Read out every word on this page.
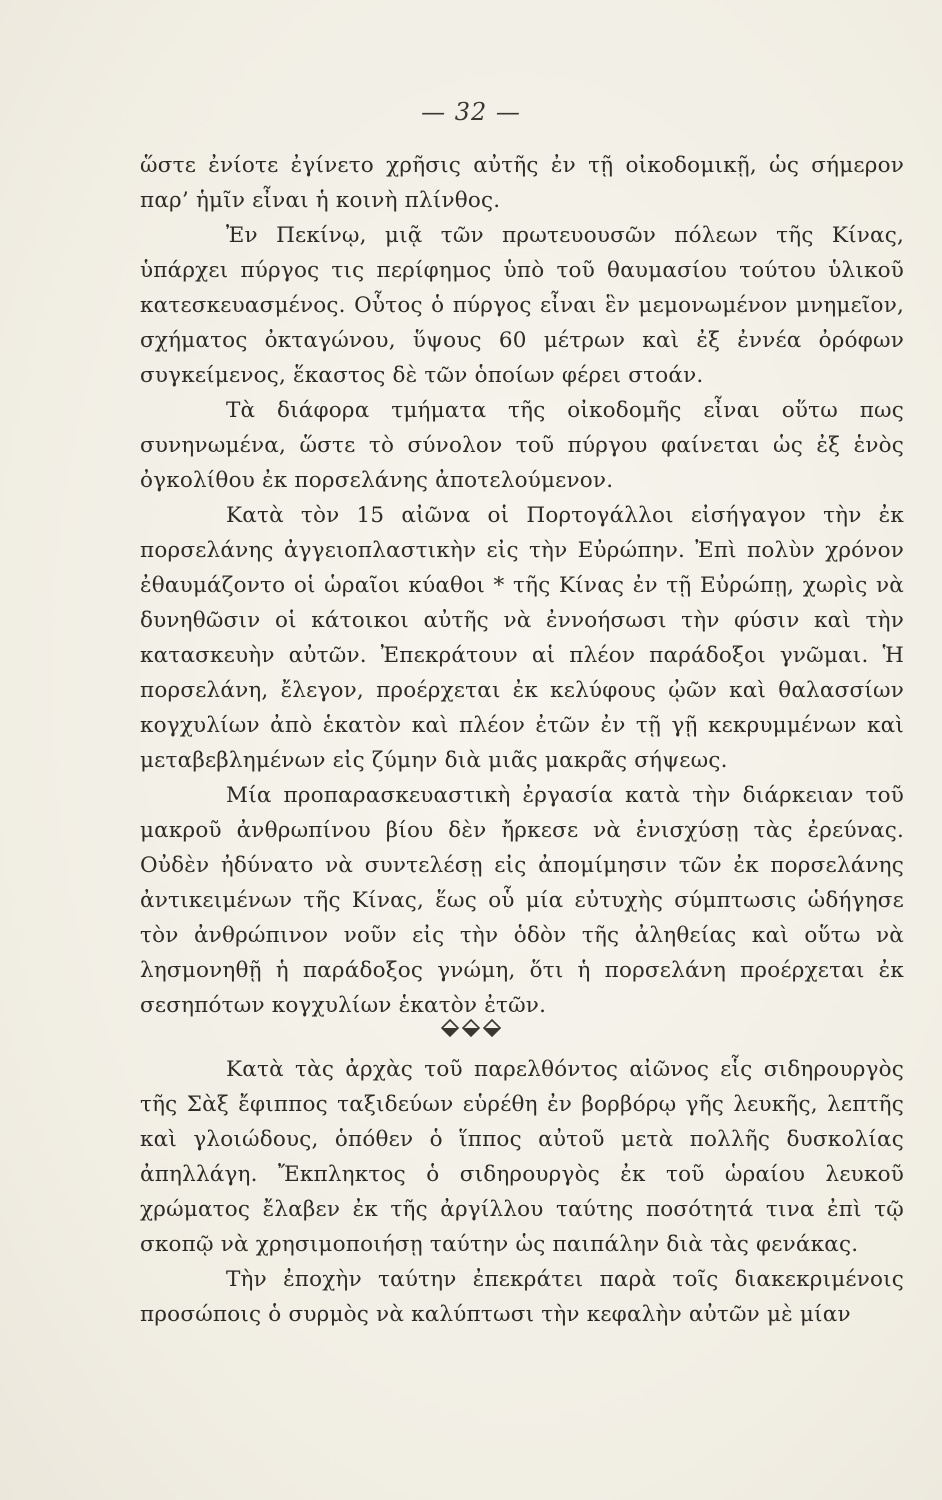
— 32 —

ὥστε ἐνίοτε ἐγίνετο χρῆσις αὐτῆς ἐν τῇ οἰκοδομικῇ, ὡς σήμερον παρ’ ἡμῖν εἶναι ἡ κοινὴ πλίνθος.

Ἐν Πεκίνῳ, μιᾷ τῶν πρωτευουσῶν πόλεων τῆς Κίνας, ὑπάρχει πύργος τις περίφημος ὑπὸ τοῦ θαυμασίου τούτου ὑλικοῦ κατεσκευασμένος. Οὗτος ὁ πύργος εἶναι ἓν μεμονωμένον μνημεῖον, σχήματος ὀκταγώνου, ὕψους 60 μέτρων καὶ ἐξ ἐννέα ὀρόφων συγκείμενος, ἕκαστος δὲ τῶν ὁποίων φέρει στοάν.

Τὰ διάφορα τμήματα τῆς οἰκοδομῆς εἶναι οὕτω πως συνηνωμένα, ὥστε τὸ σύνολον τοῦ πύργου φαίνεται ὡς ἐξ ἑνὸς ὀγκολίθου ἐκ πορσελάνης ἀποτελούμενον.

Κατὰ τὸν 15 αἰῶνα οἱ Πορτογάλλοι εἰσήγαγον τὴν ἐκ πορσελάνης ἀγγειοπλαστικὴν εἰς τὴν Εὐρώπην. Ἐπὶ πολὺν χρόνον ἐθαυμάζοντο οἱ ὡραῖοι κύαθοι * τῆς Κίνας ἐν τῇ Εὐρώπῃ, χωρὶς νὰ δυνηθῶσιν οἱ κάτοικοι αὐτῆς νὰ ἐννοήσωσι τὴν φύσιν καὶ τὴν κατασκευὴν αὐτῶν. Ἐπεκράτουν αἱ πλέον παράδοξοι γνῶμαι. Ἡ πορσελάνη, ἔλεγον, προέρχεται ἐκ κελύφους ᾠῶν καὶ θαλασσίων κογχυλίων ἀπὸ ἑκατὸν καὶ πλέον ἐτῶν ἐν τῇ γῇ κεκρυμμένων καὶ μεταβεβλημένων εἰς ζύμην διὰ μιᾶς μακρᾶς σήψεως.

Μία προπαρασκευαστικὴ ἐργασία κατὰ τὴν διάρκειαν τοῦ μακροῦ ἀνθρωπίνου βίου δὲν ἤρκεσε νὰ ἐνισχύσῃ τὰς ἐρεύνας. Οὐδὲν ἠδύνατο νὰ συντελέσῃ εἰς ἀπομίμησιν τῶν ἐκ πορσελάνης ἀντικειμένων τῆς Κίνας, ἕως οὗ μία εὐτυχὴς σύμπτωσις ὡδήγησε τὸν ἀνθρώπινον νοῦν εἰς τὴν ὁδὸν τῆς ἀληθείας καὶ οὕτω νὰ λησμονηθῇ ἡ παράδοξος γνώμη, ὅτι ἡ πορσελάνη προέρχεται ἐκ σεσηπότων κογχυλίων ἑκατὸν ἐτῶν.

Κατὰ τὰς ἀρχὰς τοῦ παρελθόντος αἰῶνος εἷς σιδηρουργὸς τῆς Σὰξ ἔφιππος ταξιδεύων εὑρέθη ἐν βορβόρῳ γῆς λευκῆς, λεπτῆς καὶ γλοιώδους, ὁπόθεν ὁ ἵππος αὐτοῦ μετὰ πολλῆς δυσκολίας ἀπηλλάγη. Ἔκπληκτος ὁ σιδηρουργὸς ἐκ τοῦ ὡραίου λευκοῦ χρώματος ἔλαβεν ἐκ τῆς ἀργίλλου ταύτης ποσότητά τινα ἐπὶ τῷ σκοπῷ νὰ χρησιμοποιήσῃ ταύτην ὡς παιπάλην διὰ τὰς φενάκας.

Τὴν ἐποχὴν ταύτην ἐπεκράτει παρὰ τοῖς διακεκριμένοις προσώποις ὁ συρμὸς νὰ καλύπτωσι τὴν κεφαλὴν αὐτῶν μὲ μίαν
